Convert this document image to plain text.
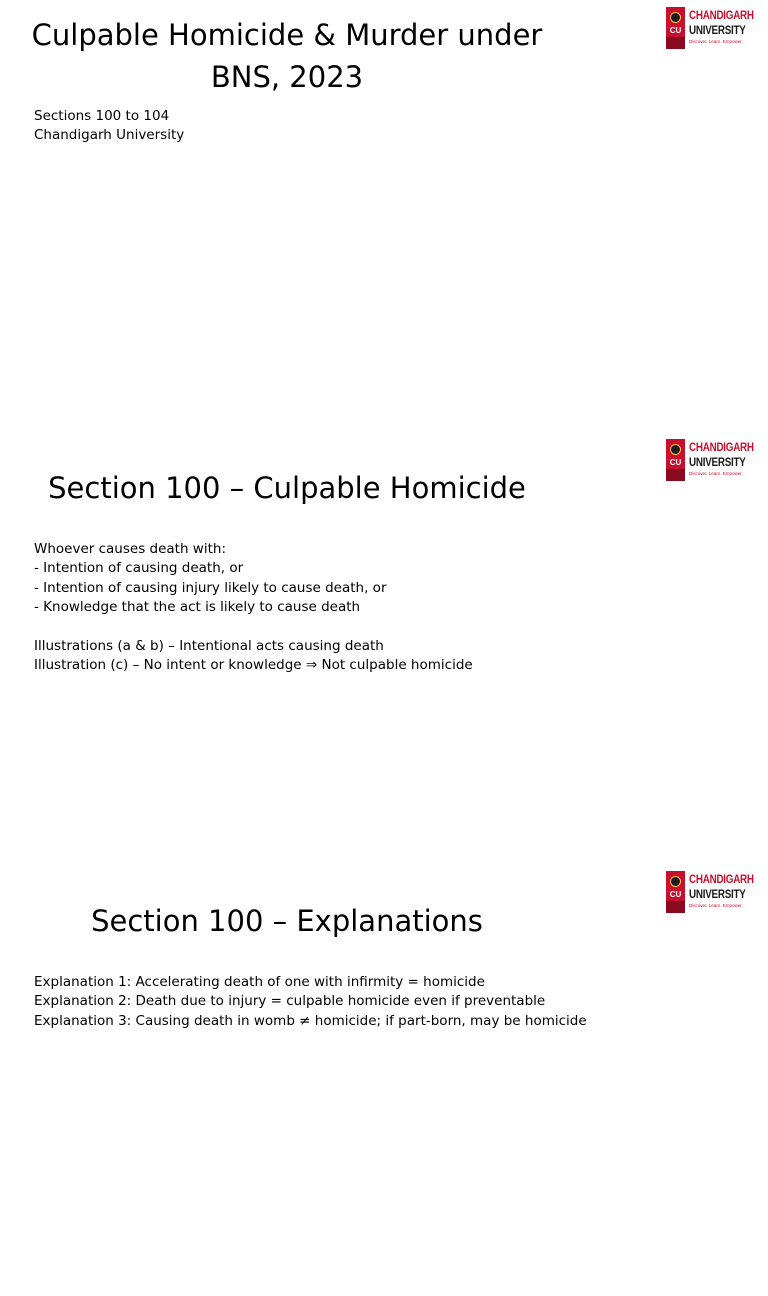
CU
CHANDIGARH
UNIVERSITY
Discover. Learn. Empower.
Culpable Homicide & Murder under BNS, 2023
Sections 100 to 104
Chandigarh University
CU
CHANDIGARH
UNIVERSITY
Discover. Learn. Empower.
Section 100 – Culpable Homicide
Whoever causes death with:
- Intention of causing death, or
- Intention of causing injury likely to cause death, or
- Knowledge that the act is likely to cause death
Illustrations (a & b) – Intentional acts causing death
Illustration (c) – No intent or knowledge ⇒ Not culpable homicide
CU
CHANDIGARH
UNIVERSITY
Discover. Learn. Empower.
Section 100 – Explanations
Explanation 1: Accelerating death of one with infirmity = homicide
Explanation 2: Death due to injury = culpable homicide even if preventable
Explanation 3: Causing death in womb ≠ homicide; if part-born, may be homicide
